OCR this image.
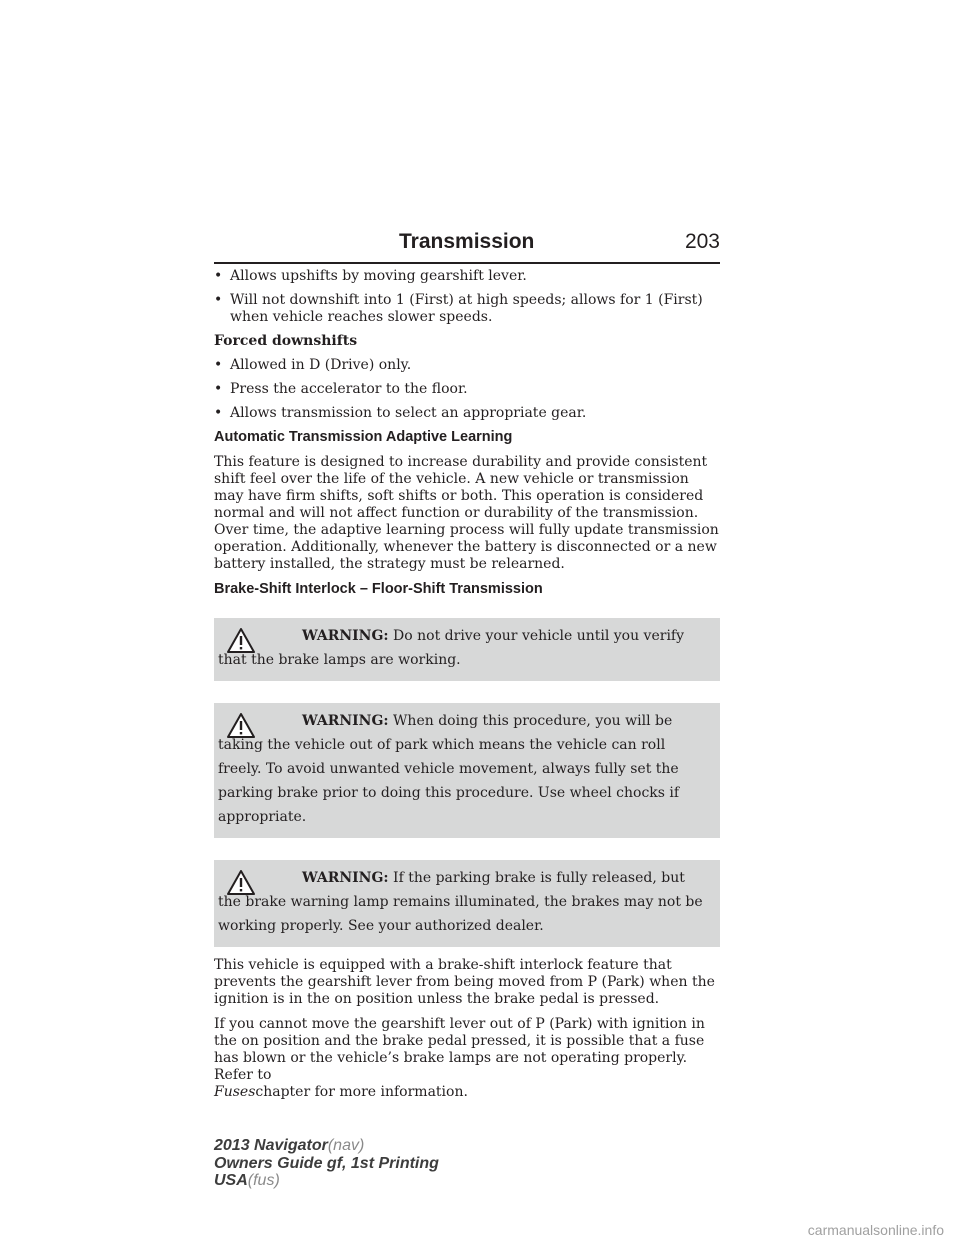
Transmission	203
• Allows upshifts by moving gearshift lever.
• Will not downshift into 1 (First) at high speeds; allows for 1 (First) when vehicle reaches slower speeds.
Forced downshifts
• Allowed in D (Drive) only.
• Press the accelerator to the floor.
• Allows transmission to select an appropriate gear.
Automatic Transmission Adaptive Learning

This feature is designed to increase durability and provide consistent shift feel over the life of the vehicle. A new vehicle or transmission may have firm shifts, soft shifts or both. This operation is considered normal and will not affect function or durability of the transmission. Over time, the adaptive learning process will fully update transmission operation. Additionally, whenever the battery is disconnected or a new battery installed, the strategy must be relearned.

Brake-Shift Interlock – Floor-Shift Transmission
WARNING: Do not drive your vehicle until you verify that the brake lamps are working.
WARNING: When doing this procedure, you will be taking the vehicle out of park which means the vehicle can roll freely. To avoid unwanted vehicle movement, always fully set the parking brake prior to doing this procedure. Use wheel chocks if appropriate.
WARNING: If the parking brake is fully released, but the brake warning lamp remains illuminated, the brakes may not be working properly. See your authorized dealer.

This vehicle is equipped with a brake-shift interlock feature that prevents the gearshift lever from being moved from P (Park) when the ignition is in the on position unless the brake pedal is pressed.

If you cannot move the gearshift lever out of P (Park) with ignition in the on position and the brake pedal pressed, it is possible that a fuse has blown or the vehicle’s brake lamps are not operating properly. Refer to
Fuseschapter for more information.

2013 Navigator(nav)
Owners Guide gf, 1st Printing
USA(fus)
carmanualsonline.info
